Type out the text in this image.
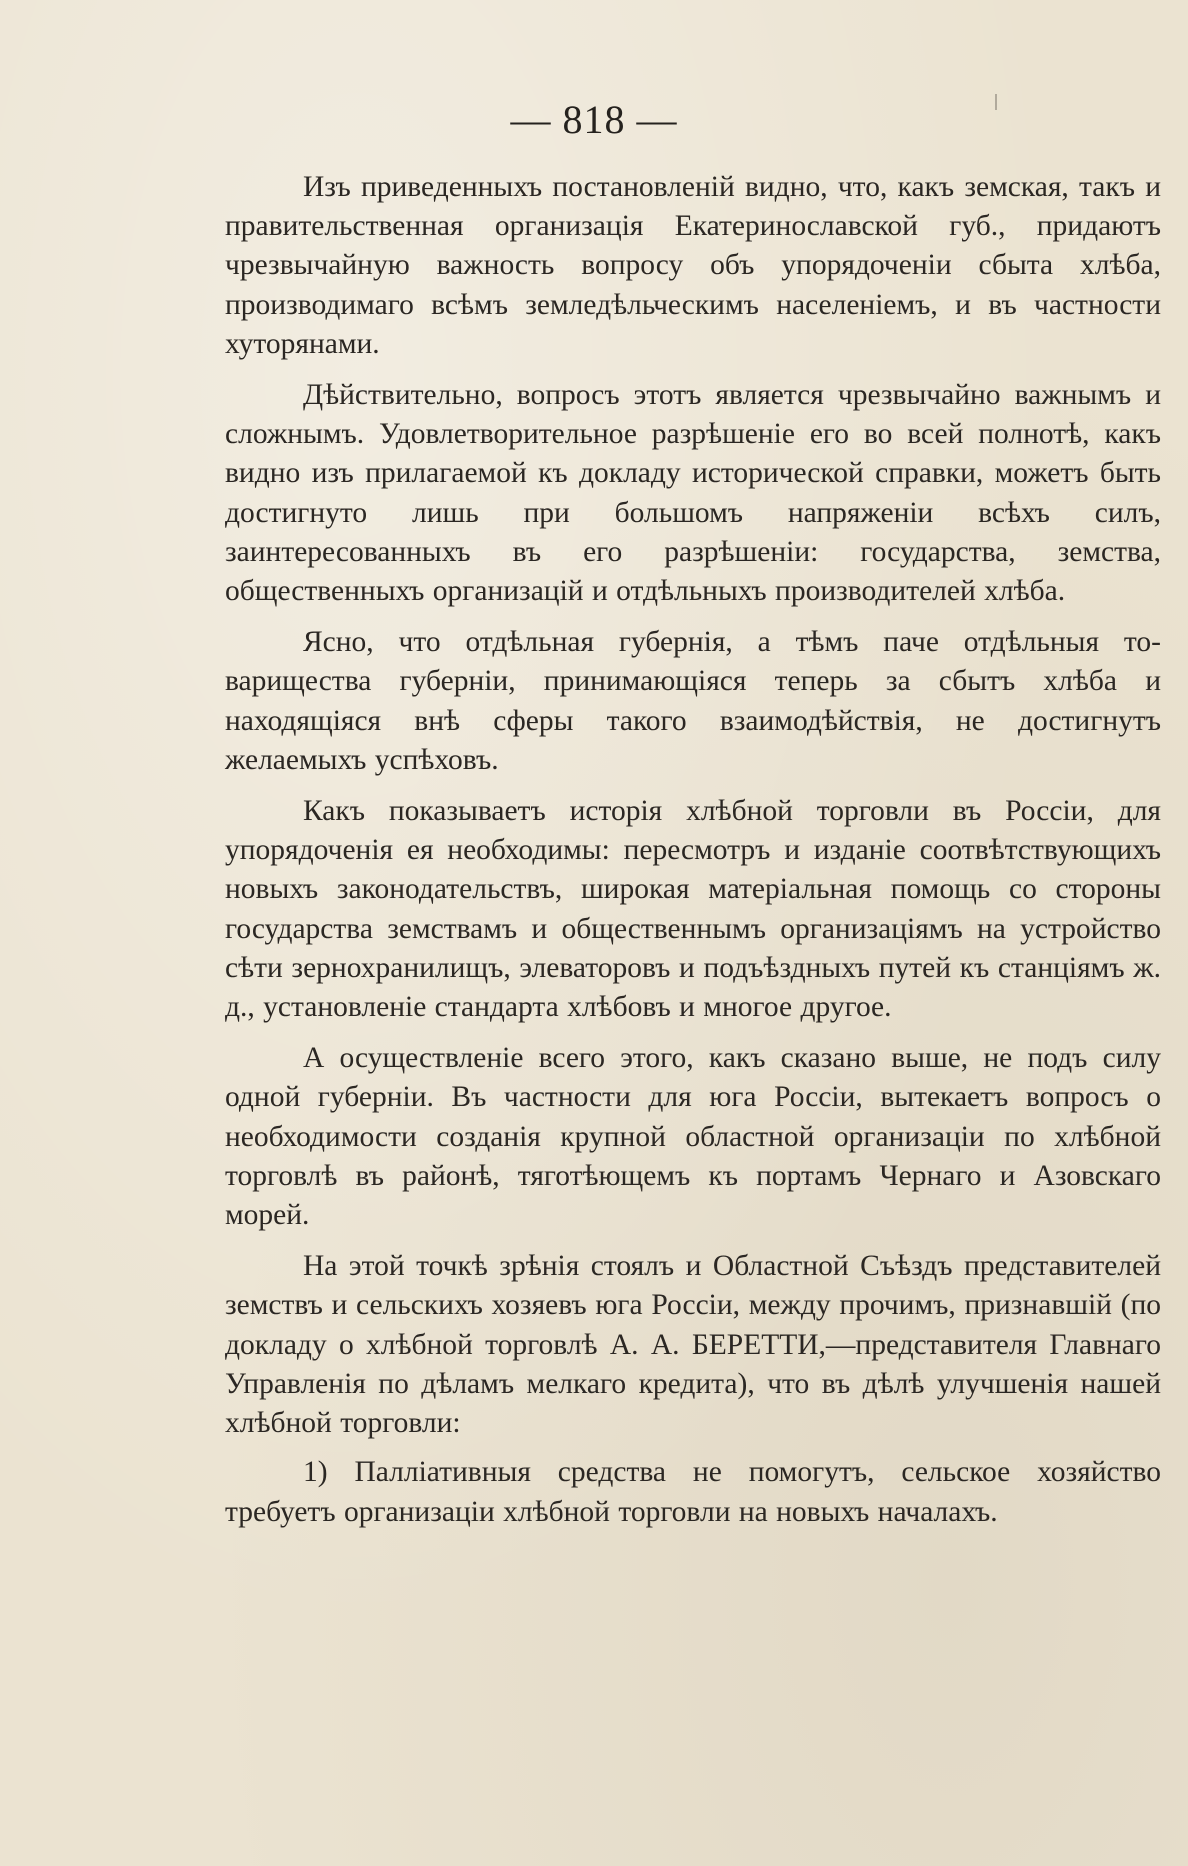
— 818 —

Изъ приведенныхъ постановленій видно, что, какъ земская, такъ и правительственная организація Екатеринославской губ., придаютъ чрезвычайную важность вопросу объ упорядоченіи сбыта хлѣба, производимаго всѣмъ земледѣльческимъ населеніемъ, и въ частности хуторянами.

Дѣйствительно, вопросъ этотъ является чрезвычайно важнымъ и сложнымъ. Удовлетворительное разрѣшеніе его во всей полнотѣ, какъ видно изъ прилагаемой къ докладу исторической справки, можетъ быть достигнуто лишь при большомъ напряженіи всѣхъ силъ, заинтересованныхъ въ его разрѣшеніи: государства, земства, общественныхъ организацій и отдѣльныхъ производителей хлѣба.

Ясно, что отдѣльная губернія, а тѣмъ паче отдѣльныя товарищества губерніи, принимающіяся теперь за сбытъ хлѣба и находящіяся внѣ сферы такого взаимодѣйствія, не достигнутъ желаемыхъ успѣховъ.

Какъ показываетъ исторія хлѣбной торговли въ Россіи, для упорядоченія ея необходимы: пересмотръ и изданіе соотвѣтствующихъ новыхъ законодательствъ, широкая матеріальная помощь со стороны государства земствамъ и общественнымъ организаціямъ на устройство сѣти зернохранилищъ, элеваторовъ и подъѣздныхъ путей къ станціямъ ж. д., установленіе стандарта хлѣбовъ и многое другое.

А осуществленіе всего этого, какъ сказано выше, не подъ силу одной губерніи. Въ частности для юга Россіи, вытекаетъ вопросъ о необходимости созданія крупной областной организаціи по хлѣбной торговлѣ въ районѣ, тяготѣющемъ къ портамъ Чернаго и Азовскаго морей.

На этой точкѣ зрѣнія стоялъ и Областной Съѣздъ представителей земствъ и сельскихъ хозяевъ юга Россіи, между прочимъ, признавшій (по докладу о хлѣбной торговлѣ А. А. БЕРЕТТИ,—представителя Главнаго Управленія по дѣламъ мелкаго кредита), что въ дѣлѣ улучшенія нашей хлѣбной торговли:

1) Палліативныя средства не помогутъ, сельское хозяйство требуетъ организаціи хлѣбной торговли на новыхъ началахъ.
